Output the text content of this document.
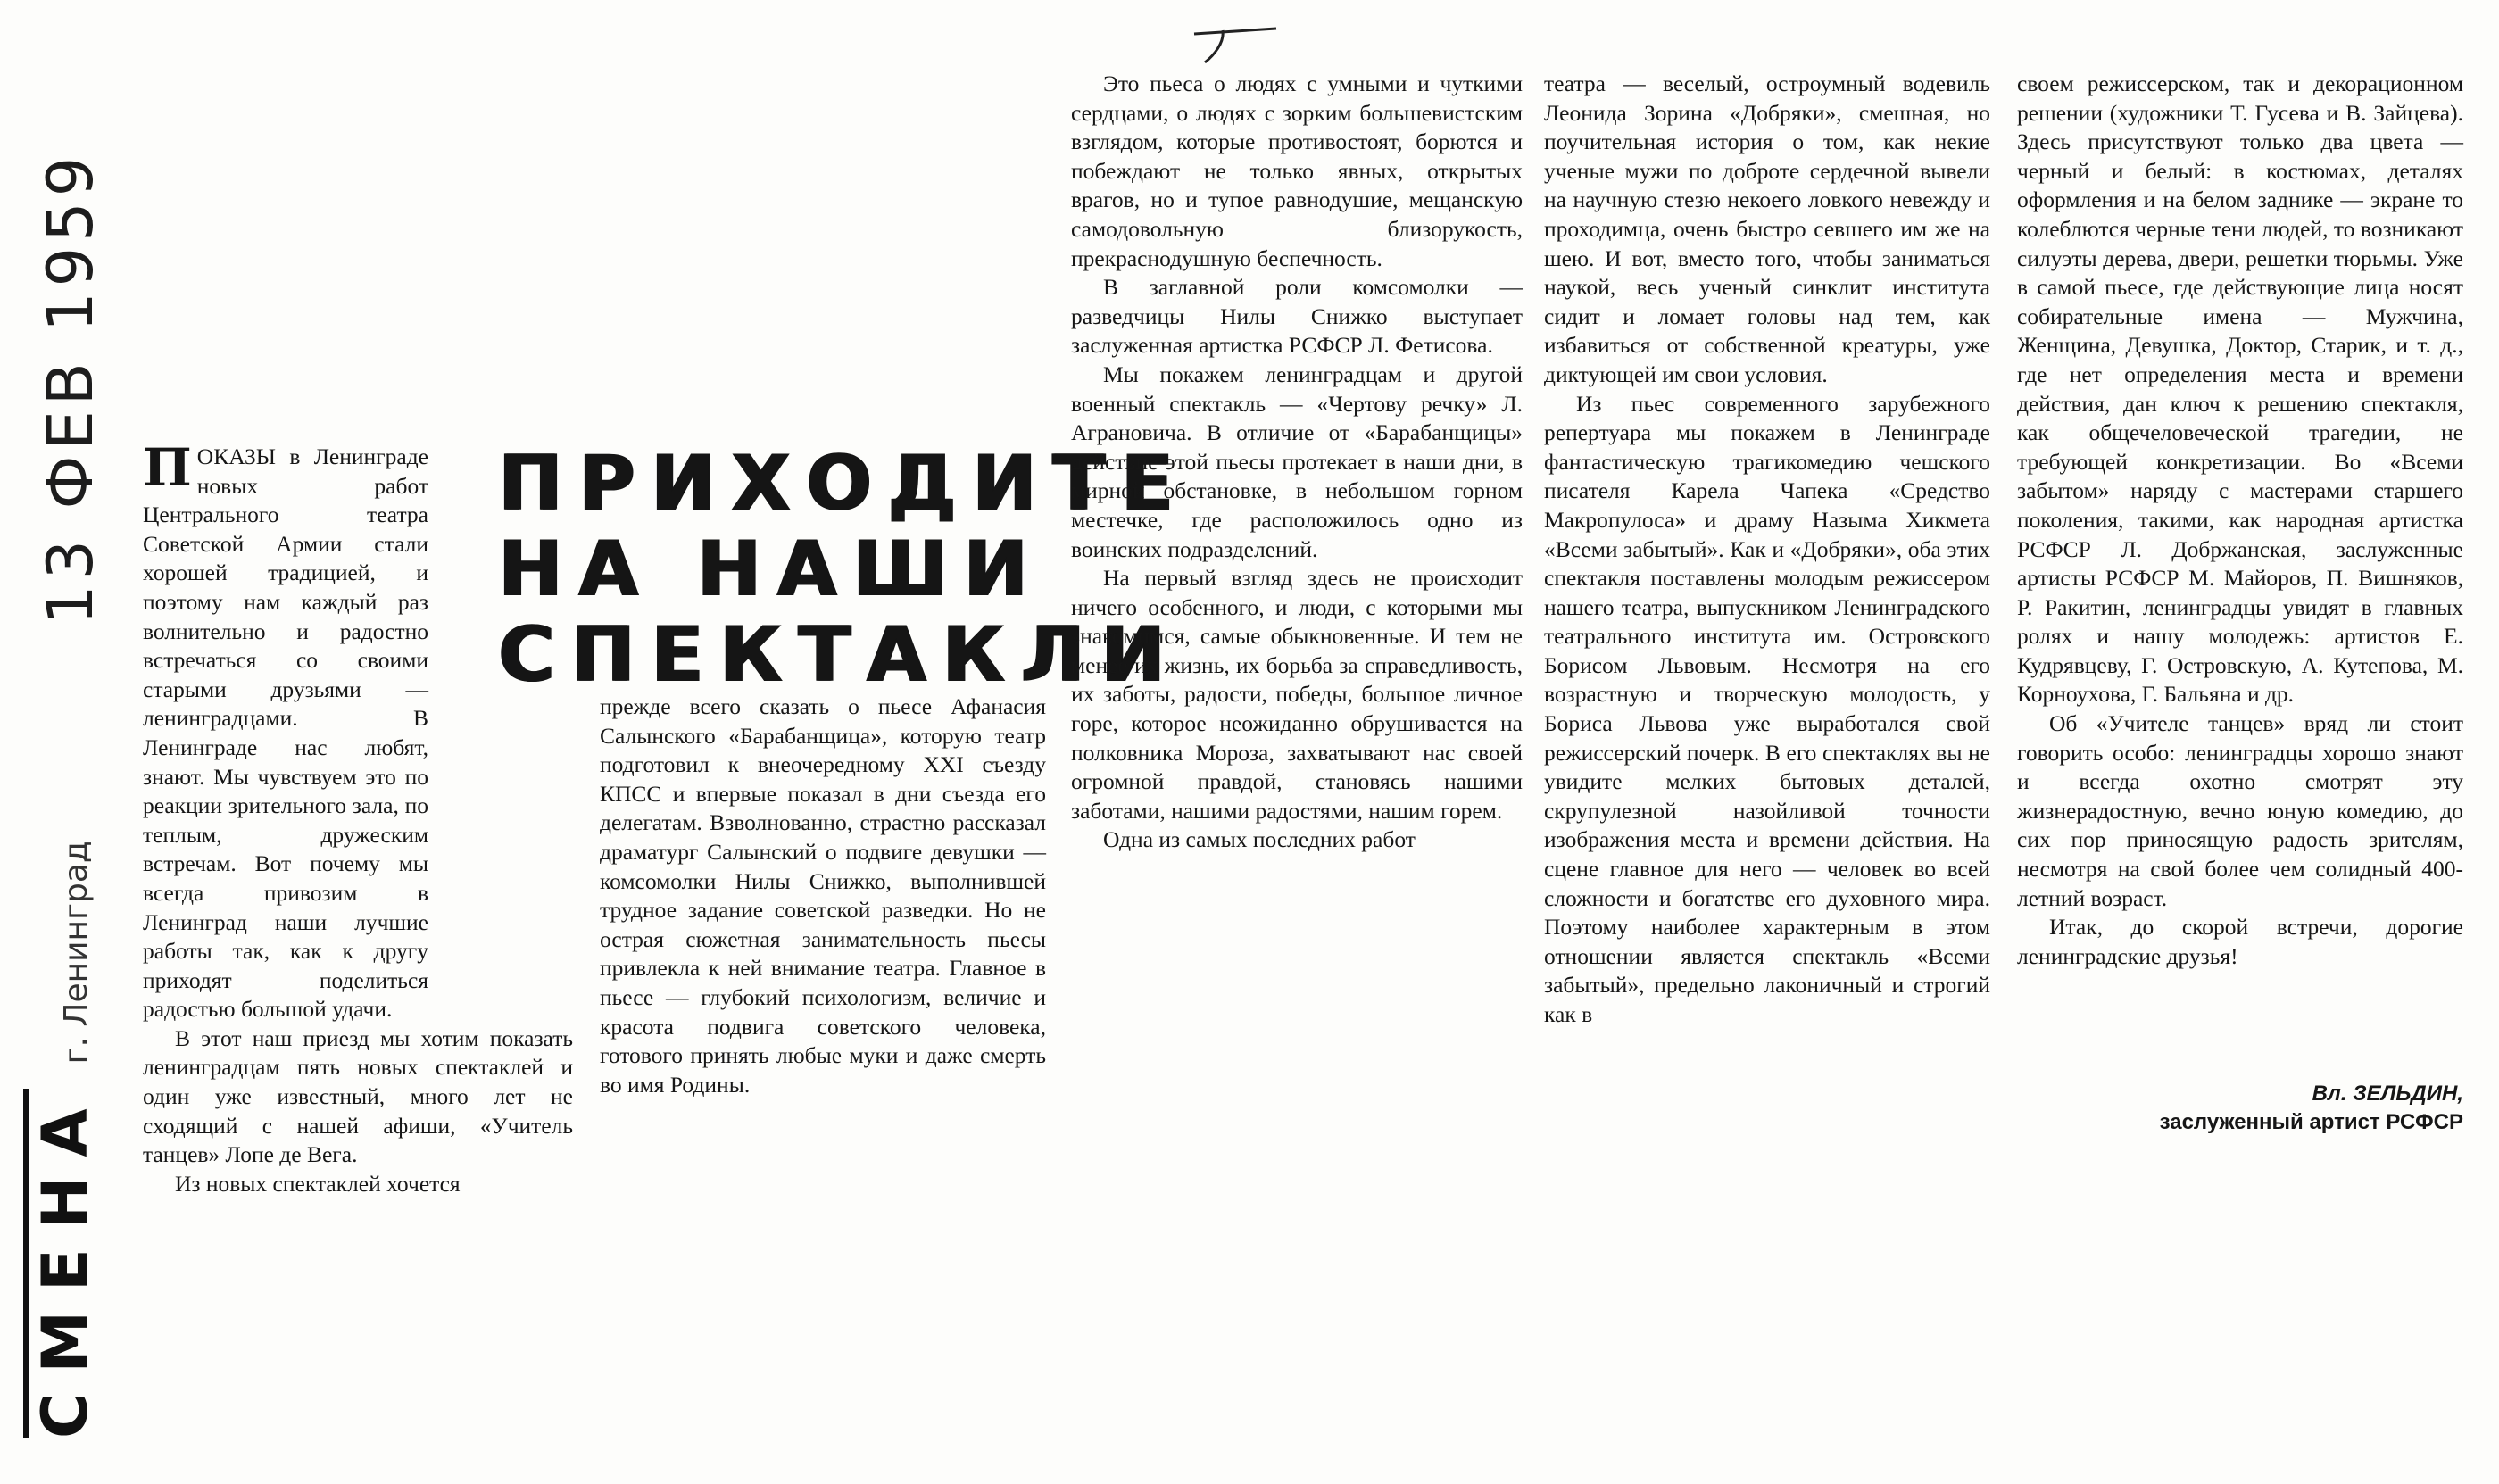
13 ФЕВ 1959
СМЕНА
г. Ленинград
ПРИХОДИТЕ
НА НАШИ
СПЕКТАКЛИ

ПОКАЗЫ в Ленинграде новых работ Центрального театра Советской Армии стали хорошей традицией, и поэтому нам каждый раз волнительно и радостно встречаться со своими старыми друзьями — ленинградцами. В Ленинграде нас любят, знают. Мы чувствуем это по реакции зрительного зала, по теплым, дружеским встречам. Вот почему мы всегда привозим в Ленинград наши лучшие работы так, как к другу приходят поделиться радостью большой удачи.

В этот наш приезд мы хотим показать ленинградцам пять новых спектаклей и один уже известный, много лет не сходящий с нашей афиши, «Учитель танцев» Лопе де Вега.

Из новых спектаклей хочется

прежде всего сказать о пьесе Афанасия Салынского «Барабанщица», которую театр подготовил к внеочередному XXI съезду КПСС и впервые показал в дни съезда его делегатам. Взволнованно, страстно рассказал драматург Салынский о подвиге девушки — комсомолки Нилы Снижко, выполнившей трудное задание советской разведки. Но не острая сюжетная занимательность пьесы привлекла к ней внимание театра. Главное в пьесе — глубокий психологизм, величие и красота подвига советского человека, готового принять любые муки и даже смерть во имя Родины.

Это пьеса о людях с умными и чуткими сердцами, о людях с зорким большевистским взглядом, которые противостоят, борются и побеждают не только явных, открытых врагов, но и тупое равнодушие, мещанскую самодовольную близорукость, прекраснодушную беспечность.

В заглавной роли комсомолки — разведчицы Нилы Снижко выступает заслуженная артистка РСФСР Л. Фетисова.

Мы покажем ленинградцам и другой военный спектакль — «Чертову речку» Л. Аграновича. В отличие от «Барабанщицы» действие этой пьесы протекает в наши дни, в мирной обстановке, в небольшом горном местечке, где расположилось одно из воинских подразделений.

На первый взгляд здесь не происходит ничего особенного, и люди, с которыми мы знакомимся, самые обыкновенные. И тем не менее их жизнь, их борьба за справедливость, их заботы, радости, победы, большое личное горе, которое неожиданно обрушивается на полковника Мороза, захватывают нас своей огромной правдой, становясь нашими заботами, нашими радостями, нашим горем.

Одна из самых последних работ

театра — веселый, остроумный водевиль Леонида Зорина «Добряки», смешная, но поучительная история о том, как некие ученые мужи по доброте сердечной вывели на научную стезю некоего ловкого невежду и проходимца, очень быстро севшего им же на шею. И вот, вместо того, чтобы заниматься наукой, весь ученый синклит института сидит и ломает головы над тем, как избавиться от собственной креатуры, уже диктующей им свои условия.

Из пьес современного зарубежного репертуара мы покажем в Ленинграде фантастическую трагикомедию чешского писателя Карела Чапека «Средство Макропулоса» и драму Назыма Хикмета «Всеми забытый». Как и «Добряки», оба этих спектакля поставлены молодым режиссером нашего театра, выпускником Ленинградского театрального института им. Островского Борисом Львовым. Несмотря на его возрастную и творческую молодость, у Бориса Львова уже выработался свой режиссерский почерк. В его спектаклях вы не увидите мелких бытовых деталей, скрупулезной назойливой точности изображения места и времени действия. На сцене главное для него — человек во всей сложности и богатстве его духовного мира. Поэтому наиболее характерным в этом отношении является спектакль «Всеми забытый», предельно лаконичный и строгий как в

своем режиссерском, так и декорационном решении (художники Т. Гусева и В. Зайцева). Здесь присутствуют только два цвета — черный и белый: в костюмах, деталях оформления и на белом заднике — экране то колеблются черные тени людей, то возникают силуэты дерева, двери, решетки тюрьмы. Уже в самой пьесе, где действующие лица носят собирательные имена — Мужчина, Женщина, Девушка, Доктор, Старик, и т. д., где нет определения места и времени действия, дан ключ к решению спектакля, как общечеловеческой трагедии, не требующей конкретизации. Во «Всеми забытом» наряду с мастерами старшего поколения, такими, как народная артистка РСФСР Л. Добржанская, заслуженные артисты РСФСР М. Майоров, П. Вишняков, Р. Ракитин, ленинградцы увидят в главных ролях и нашу молодежь: артистов Е. Кудрявцеву, Г. Островскую, А. Кутепова, М. Корноухова, Г. Бальяна и др.

Об «Учителе танцев» вряд ли стоит говорить особо: ленинградцы хорошо знают и всегда охотно смотрят эту жизнерадостную, вечно юную комедию, до сих пор приносящую радость зрителям, несмотря на свой более чем солидный 400-летний возраст.

Итак, до скорой встречи, дорогие ленинградские друзья!

Вл. ЗЕЛЬДИН,
заслуженный артист РСФСР
